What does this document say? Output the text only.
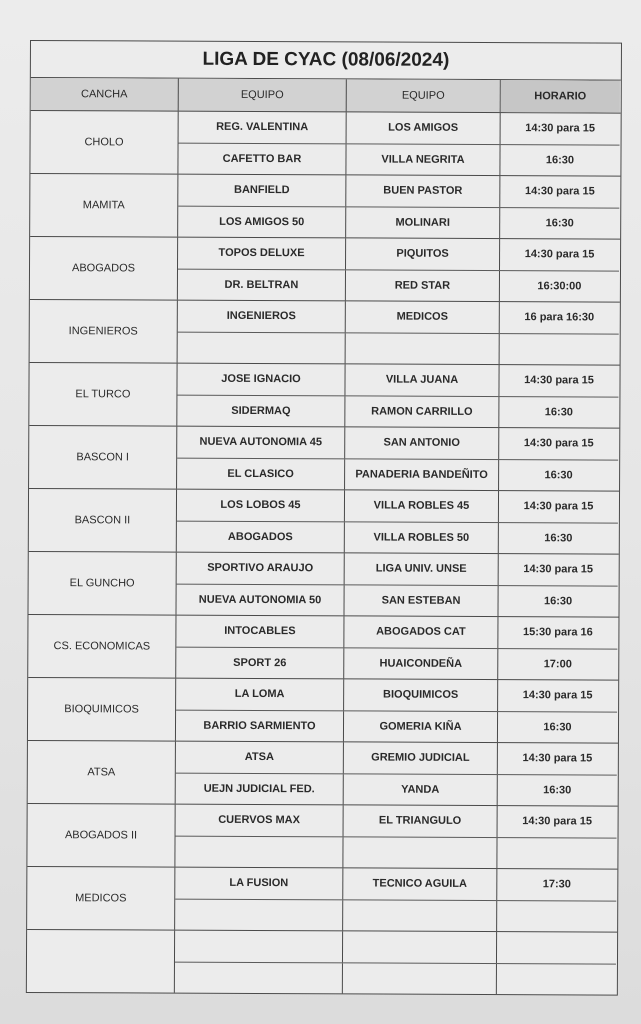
LIGA DE CYAC (08/06/2024)
CANCHA	EQUIPO	EQUIPO	HORARIO
CHOLO
REG. VALENTINA	LOS AMIGOS	14:30 para 15
CAFETTO BAR	VILLA NEGRITA	16:30
MAMITA
BANFIELD	BUEN PASTOR	14:30 para 15
LOS AMIGOS 50	MOLINARI	16:30
ABOGADOS
TOPOS DELUXE	PIQUITOS	14:30 para 15
DR. BELTRAN	RED STAR	16:30:00
INGENIEROS
INGENIEROS	MEDICOS	16 para 16:30
EL TURCO
JOSE IGNACIO	VILLA JUANA	14:30 para 15
SIDERMAQ	RAMON CARRILLO	16:30
BASCON I
NUEVA AUTONOMIA 45	SAN ANTONIO	14:30 para 15
EL CLASICO	PANADERIA BANDEÑITO	16:30
BASCON II
LOS LOBOS 45	VILLA ROBLES 45	14:30 para 15
ABOGADOS	VILLA ROBLES 50	16:30
EL GUNCHO
SPORTIVO ARAUJO	LIGA UNIV. UNSE	14:30 para 15
NUEVA AUTONOMIA 50	SAN ESTEBAN	16:30
CS. ECONOMICAS
INTOCABLES	ABOGADOS CAT	15:30 para 16
SPORT 26	HUAICONDEÑA	17:00
BIOQUIMICOS
LA LOMA	BIOQUIMICOS	14:30 para 15
BARRIO SARMIENTO	GOMERIA KIÑA	16:30
ATSA
ATSA	GREMIO JUDICIAL	14:30 para 15
UEJN JUDICIAL FED.	YANDA	16:30
ABOGADOS II
CUERVOS MAX	EL TRIANGULO	14:30 para 15
MEDICOS
LA FUSION	TECNICO AGUILA	17:30
